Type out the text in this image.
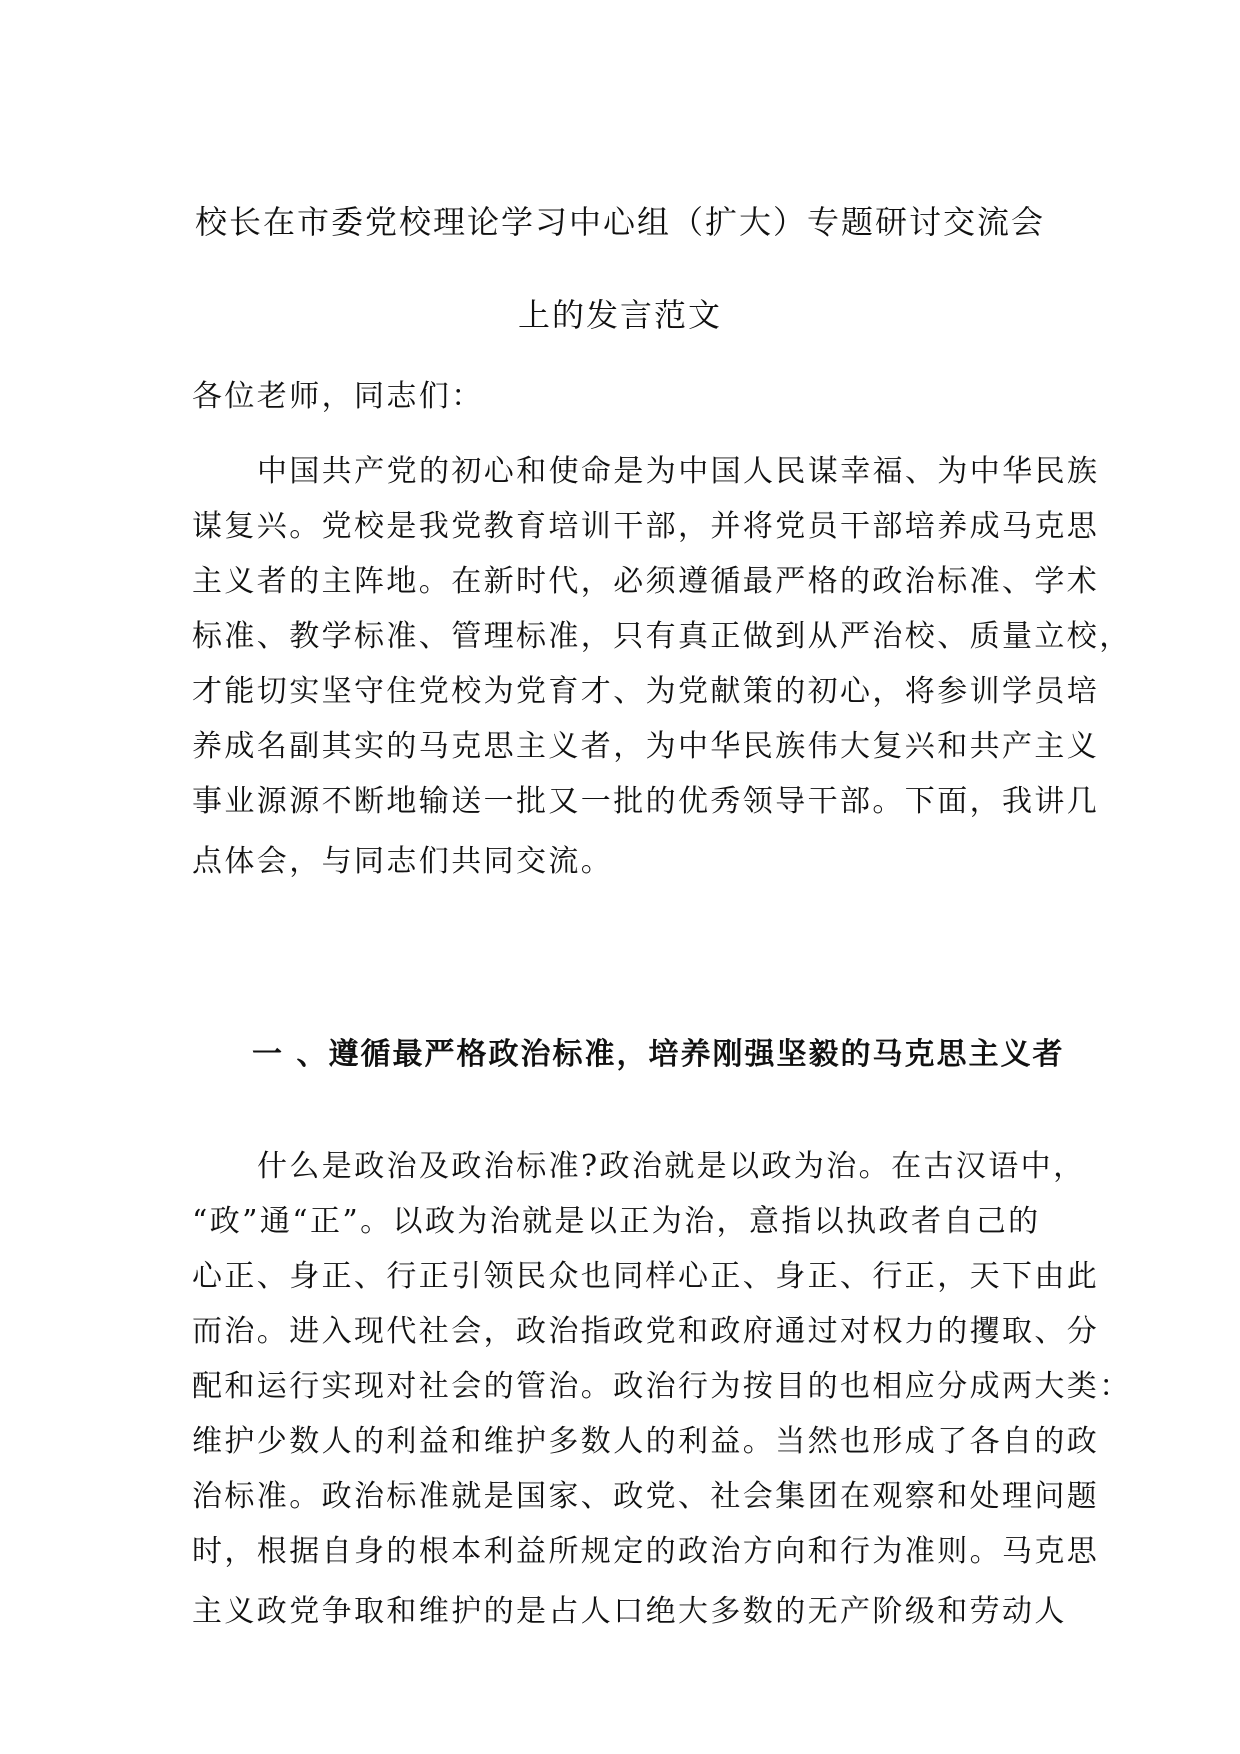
校长在市委党校理论学习中心组（扩大）专题研讨交流会
上的发言范文
各位老师，同志们：
中国共产党的初心和使命是为中国人民谋幸福、为中华民族
谋复兴。党校是我党教育培训干部，并将党员干部培养成马克思
主义者的主阵地。在新时代，必须遵循最严格的政治标准、学术
标准、教学标准、管理标准，只有真正做到从严治校、质量立校，
才能切实坚守住党校为党育才、为党献策的初心，将参训学员培
养成名副其实的马克思主义者，为中华民族伟大复兴和共产主义
事业源源不断地输送一批又一批的优秀领导干部。下面，我讲几
点体会，与同志们共同交流。
一 、遵循最严格政治标准，培养刚强坚毅的马克思主义者
什么是政治及政治标准?政治就是以政为治。在古汉语中，
“政”通“正”。以政为治就是以正为治，意指以执政者自己的
心正、身正、行正引领民众也同样心正、身正、行正，天下由此
而治。进入现代社会，政治指政党和政府通过对权力的攫取、分
配和运行实现对社会的管治。政治行为按目的也相应分成两大类：
维护少数人的利益和维护多数人的利益。当然也形成了各自的政
治标准。政治标准就是国家、政党、社会集团在观察和处理问题
时，根据自身的根本利益所规定的政治方向和行为准则。马克思
主义政党争取和维护的是占人口绝大多数的无产阶级和劳动人
